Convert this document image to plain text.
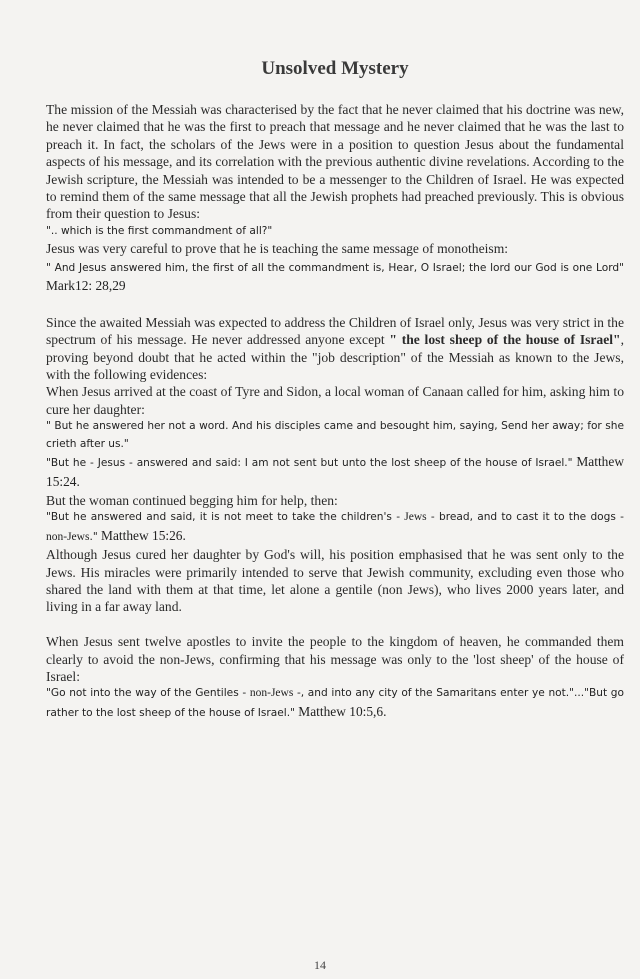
Unsolved Mystery

The mission of the Messiah was characterised by the fact that he never claimed that his doctrine was new, he never claimed that he was the first to preach that message and he never claimed that he was the last to preach it. In fact, the scholars of the Jews were in a position to question Jesus about the fundamental aspects of his message, and its correlation with the previous authentic divine revelations. According to the Jewish scripture, the Messiah was intended to be a messenger to the Children of Israel. He was expected to remind them of the same message that all the Jewish prophets had preached previously. This is obvious from their question to Jesus:

".. which is the first commandment of all?"

Jesus was very careful to prove that he is teaching the same message of monotheism:

" And Jesus answered him, the first of all the commandment is, Hear, O Israel; the lord our God is one Lord" Mark12: 28,29

Since the awaited Messiah was expected to address the Children of Israel only, Jesus was very strict in the spectrum of his message. He never addressed anyone except " the lost sheep of the house of Israel", proving beyond doubt that he acted within the "job description" of the Messiah as known to the Jews, with the following evidences:

When Jesus arrived at the coast of Tyre and Sidon, a local woman of Canaan called for him, asking him to cure her daughter:

" But he answered her not a word. And his disciples came and besought him, saying, Send her away; for she crieth after us."

"But he - Jesus - answered and said: I am not sent but unto the lost sheep of the house of Israel." Matthew 15:24.

But the woman continued begging him for help, then:

"But he answered and said, it is not meet to take the children's - Jews - bread, and to cast it to the dogs - non-Jews." Matthew 15:26.

Although Jesus cured her daughter by God's will, his position emphasised that he was sent only to the Jews. His miracles were primarily intended to serve that Jewish community, excluding even those who shared the land with them at that time, let alone a gentile (non Jews), who lives 2000 years later, and living in a far away land.

When Jesus sent twelve apostles to invite the people to the kingdom of heaven, he commanded them clearly to avoid the non-Jews, confirming that his message was only to the 'lost sheep' of the house of Israel:

"Go not into the way of the Gentiles - non-Jews -, and into any city of the Samaritans enter ye not."..."But go rather to the lost sheep of the house of Israel." Matthew 10:5,6.

14
